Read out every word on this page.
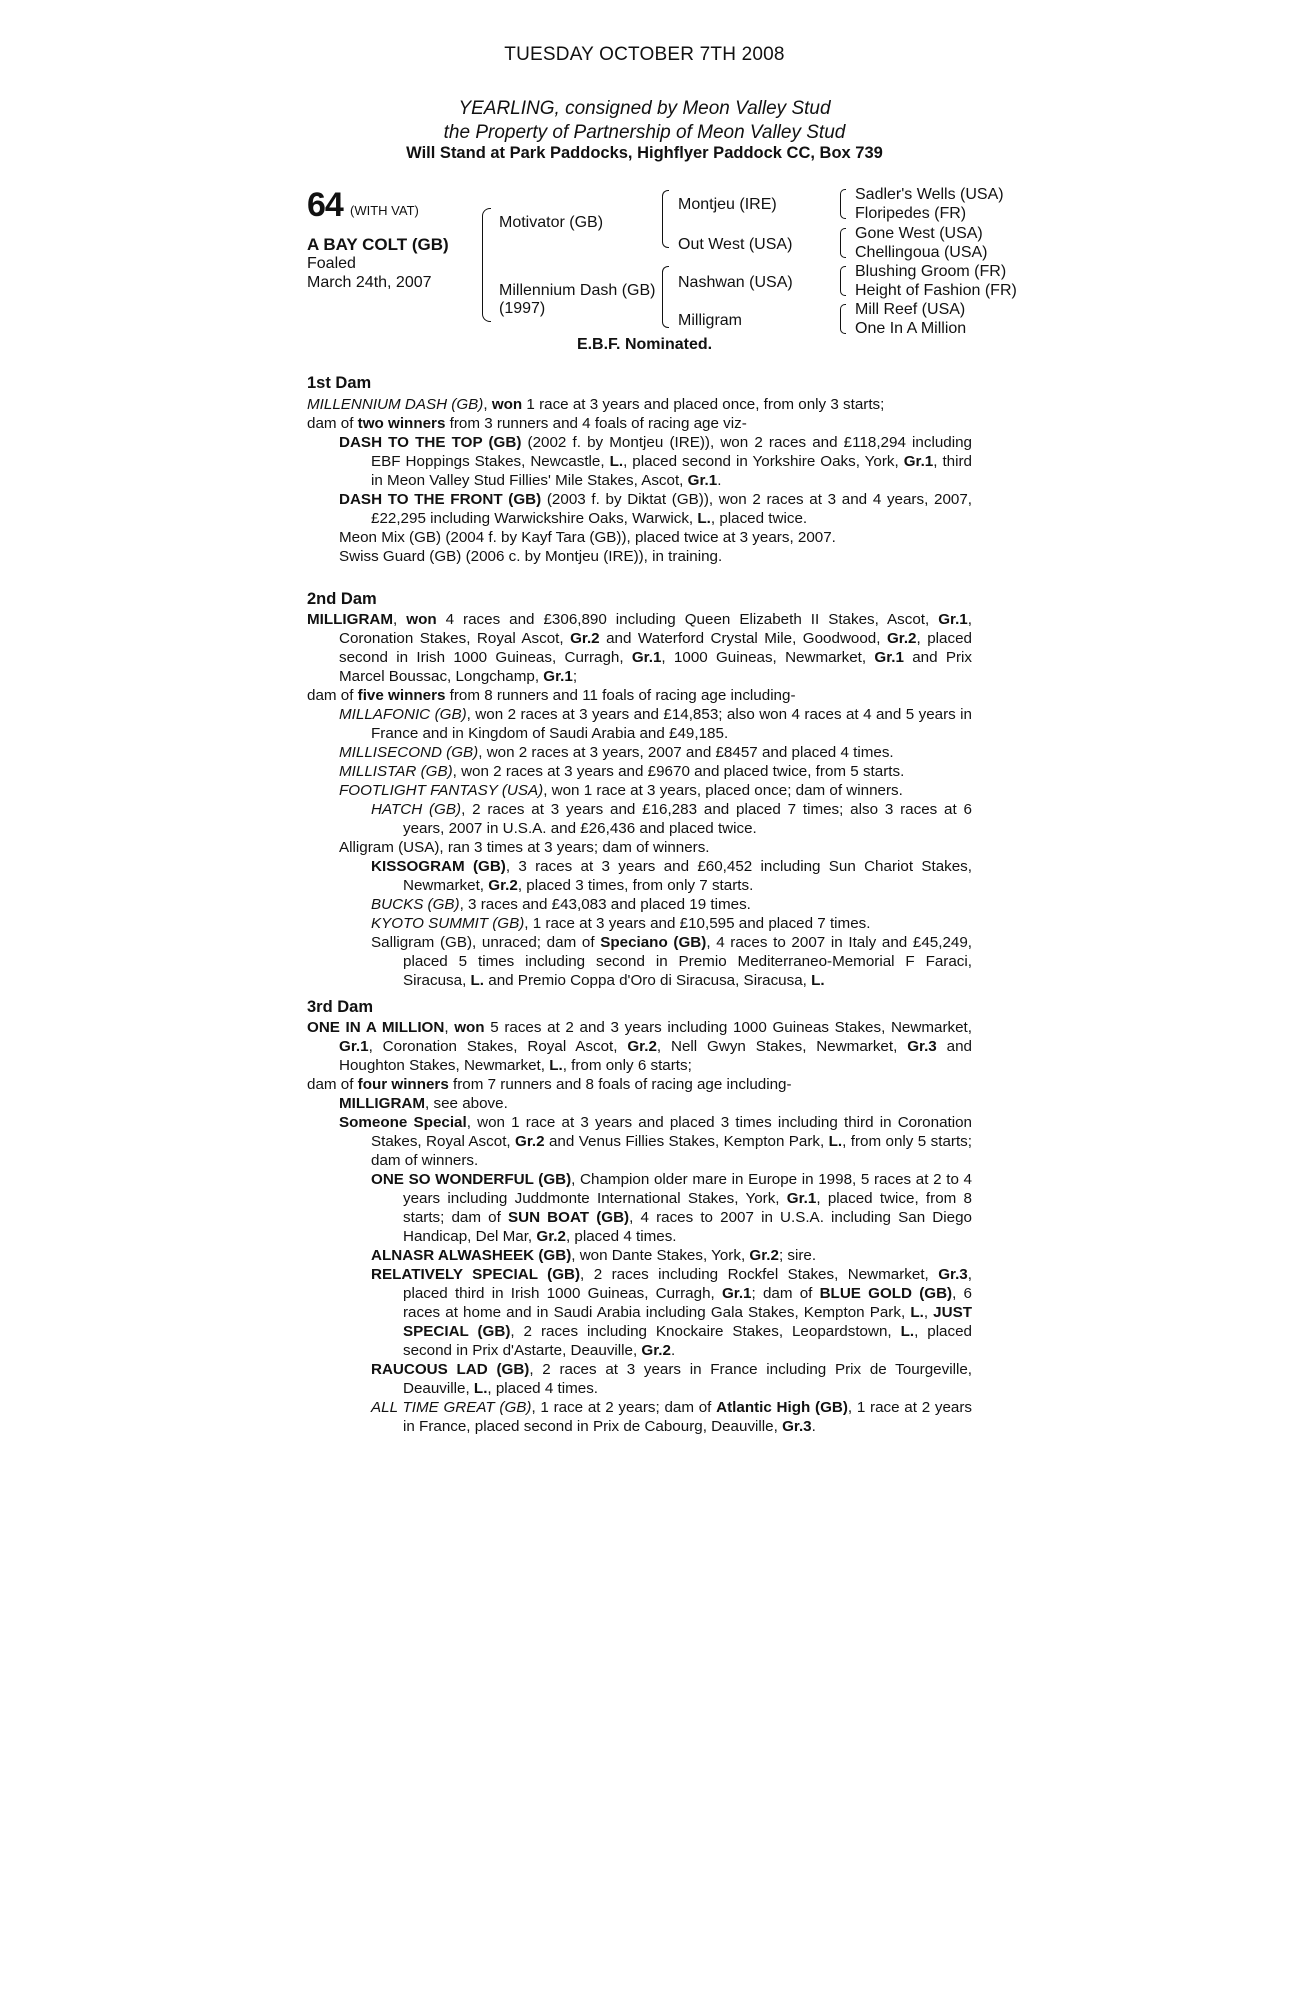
TUESDAY OCTOBER 7TH 2008
YEARLING, consigned by Meon Valley Stud
the Property of Partnership of Meon Valley Stud
Will Stand at Park Paddocks, Highflyer Paddock CC, Box 739
64 (WITH VAT)
A BAY COLT (GB)
Foaled
March 24th, 2007
Motivator (GB)
Millennium Dash (GB)
(1997)
Montjeu (IRE)
Out West (USA)
Nashwan (USA)
Milligram
Sadler's Wells (USA)
Floripedes (FR)
Gone West (USA)
Chellingoua (USA)
Blushing Groom (FR)
Height of Fashion (FR)
Mill Reef (USA)
One In A Million
E.B.F. Nominated.
1st Dam

MILLENNIUM DASH (GB), won 1 race at 3 years and placed once, from only 3 starts;

dam of two winners from 3 runners and 4 foals of racing age viz-

DASH TO THE TOP (GB) (2002 f. by Montjeu (IRE)), won 2 races and £118,294 including EBF Hoppings Stakes, Newcastle, L., placed second in Yorkshire Oaks, York, Gr.1, third in Meon Valley Stud Fillies' Mile Stakes, Ascot, Gr.1.

DASH TO THE FRONT (GB) (2003 f. by Diktat (GB)), won 2 races at 3 and 4 years, 2007, £22,295 including Warwickshire Oaks, Warwick, L., placed twice.

Meon Mix (GB) (2004 f. by Kayf Tara (GB)), placed twice at 3 years, 2007.

Swiss Guard (GB) (2006 c. by Montjeu (IRE)), in training.

2nd Dam

MILLIGRAM, won 4 races and £306,890 including Queen Elizabeth II Stakes, Ascot, Gr.1, Coronation Stakes, Royal Ascot, Gr.2 and Waterford Crystal Mile, Goodwood, Gr.2, placed second in Irish 1000 Guineas, Curragh, Gr.1, 1000 Guineas, Newmarket, Gr.1 and Prix Marcel Boussac, Longchamp, Gr.1;

dam of five winners from 8 runners and 11 foals of racing age including-

MILLAFONIC (GB), won 2 races at 3 years and £14,853; also won 4 races at 4 and 5 years in France and in Kingdom of Saudi Arabia and £49,185.

MILLISECOND (GB), won 2 races at 3 years, 2007 and £8457 and placed 4 times.

MILLISTAR (GB), won 2 races at 3 years and £9670 and placed twice, from 5 starts.

FOOTLIGHT FANTASY (USA), won 1 race at 3 years, placed once; dam of winners.

HATCH (GB), 2 races at 3 years and £16,283 and placed 7 times; also 3 races at 6 years, 2007 in U.S.A. and £26,436 and placed twice.

Alligram (USA), ran 3 times at 3 years; dam of winners.

KISSOGRAM (GB), 3 races at 3 years and £60,452 including Sun Chariot Stakes, Newmarket, Gr.2, placed 3 times, from only 7 starts.

BUCKS (GB), 3 races and £43,083 and placed 19 times.

KYOTO SUMMIT (GB), 1 race at 3 years and £10,595 and placed 7 times.

Salligram (GB), unraced; dam of Speciano (GB), 4 races to 2007 in Italy and £45,249, placed 5 times including second in Premio Mediterraneo-Memorial F Faraci, Siracusa, L. and Premio Coppa d'Oro di Siracusa, Siracusa, L.

3rd Dam

ONE IN A MILLION, won 5 races at 2 and 3 years including 1000 Guineas Stakes, Newmarket, Gr.1, Coronation Stakes, Royal Ascot, Gr.2, Nell Gwyn Stakes, Newmarket, Gr.3 and Houghton Stakes, Newmarket, L., from only 6 starts;

dam of four winners from 7 runners and 8 foals of racing age including-

MILLIGRAM, see above.

Someone Special, won 1 race at 3 years and placed 3 times including third in Coronation Stakes, Royal Ascot, Gr.2 and Venus Fillies Stakes, Kempton Park, L., from only 5 starts; dam of winners.

ONE SO WONDERFUL (GB), Champion older mare in Europe in 1998, 5 races at 2 to 4 years including Juddmonte International Stakes, York, Gr.1, placed twice, from 8 starts; dam of SUN BOAT (GB), 4 races to 2007 in U.S.A. including San Diego Handicap, Del Mar, Gr.2, placed 4 times.

ALNASR ALWASHEEK (GB), won Dante Stakes, York, Gr.2; sire.

RELATIVELY SPECIAL (GB), 2 races including Rockfel Stakes, Newmarket, Gr.3, placed third in Irish 1000 Guineas, Curragh, Gr.1; dam of BLUE GOLD (GB), 6 races at home and in Saudi Arabia including Gala Stakes, Kempton Park, L., JUST SPECIAL (GB), 2 races including Knockaire Stakes, Leopardstown, L., placed second in Prix d'Astarte, Deauville, Gr.2.

RAUCOUS LAD (GB), 2 races at 3 years in France including Prix de Tourgeville, Deauville, L., placed 4 times.

ALL TIME GREAT (GB), 1 race at 2 years; dam of Atlantic High (GB), 1 race at 2 years in France, placed second in Prix de Cabourg, Deauville, Gr.3.
